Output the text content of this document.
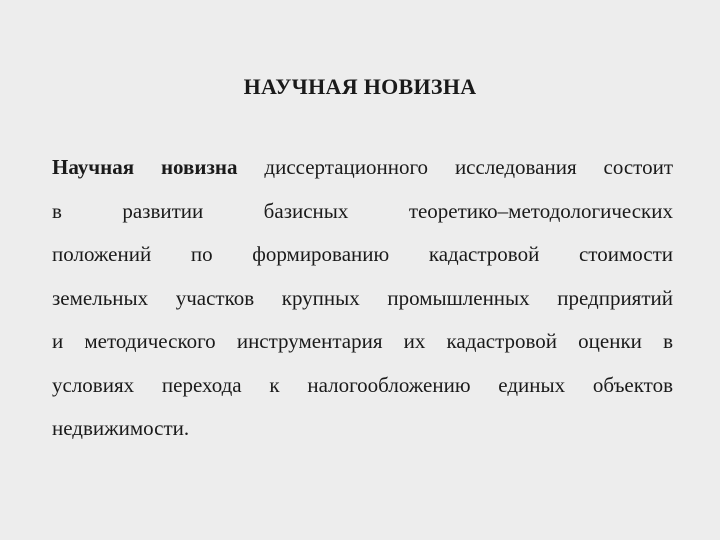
НАУЧНАЯ НОВИЗНА
Научная новизна диссертационного исследования состоит
в развитии базисных теоретико–методологических
положений по формированию кадастровой стоимости
земельных участков крупных промышленных предприятий
и методического инструментария их кадастровой оценки в
условиях перехода к налогообложению единых объектов
недвижимости.
